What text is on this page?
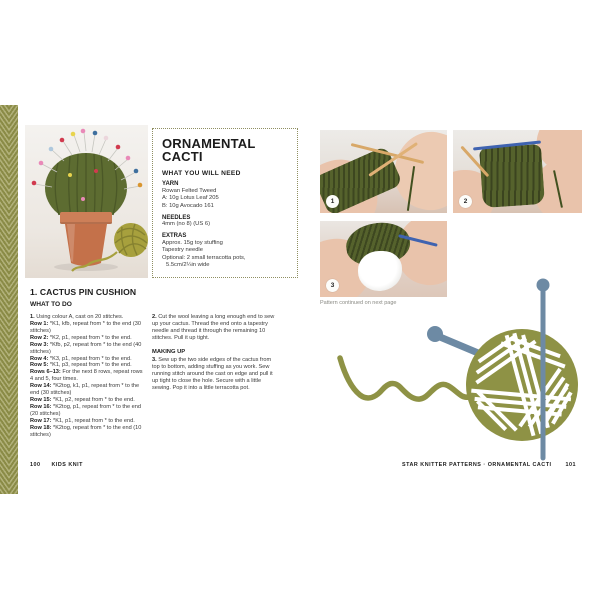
ORNAMENTAL CACTI
WHAT YOU WILL NEED

YARN

Rowan Felted Tweed

A: 10g Lotus Leaf 205

B: 10g Avocado 161

NEEDLES

4mm (no 8) (US 6)

EXTRAS

Approx. 15g toy stuffing

Tapestry needle

Optional: 2 small terracotta pots,

5.5cm/2¼in wide

1. CACTUS PIN CUSHION
WHAT TO DO

1. Using colour A, cast on 20 stitches.

Row 1: *K1, kfb, repeat from * to the end (30 stitches)

Row 2: *K2, p1, repeat from * to the end.

Row 3: *Kfb, p2, repeat from * to the end (40 stitches)

Row 4: *K3, p1, repeat from * to the end.

Row 5: *K1, p3, repeat from * to the end.

Rows 6–13: For the next 8 rows, repeat rows 4 and 5, four times.

Row 14: *K2tog, k1, p1, repeat from * to the end (30 stitches)

Row 15: *K1, p2, repeat from * to the end.

Row 16: *K2tog, p1, repeat from * to the end (20 stitches)

Row 17: *K1, p1, repeat from * to the end.

Row 18: *K2tog, repeat from * to the end (10 stitches)

2. Cut the wool leaving a long enough end to sew up your cactus. Thread the end onto a tapestry needle and thread it through the remaining 10 stitches. Pull it up tight.

MAKING UP

3. Sew up the two side edges of the cactus from top to bottom, adding stuffing as you work. Sew running stitch around the cast on edge and pull it up tight to close the hole. Secure with a little sewing. Pop it into a little terracotta pot.

100 KIDS KNIT
1	2
3
Pattern continued on next page
STAR KNITTER PATTERNS · ORNAMENTAL CACTI	101
